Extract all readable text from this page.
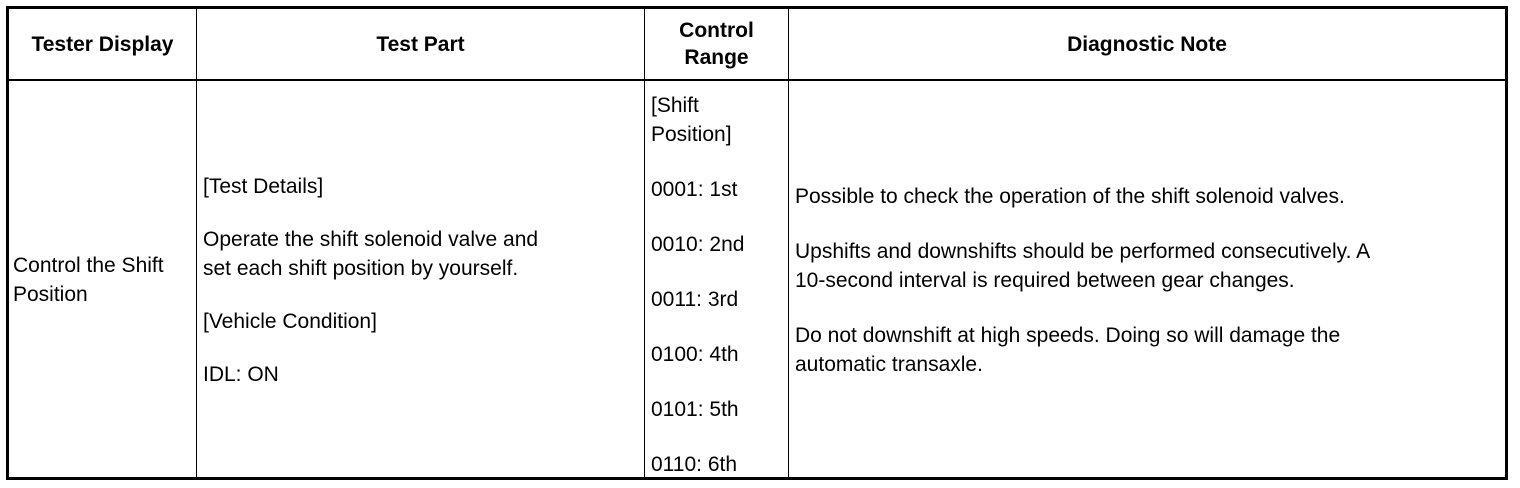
Tester Display	Test Part
Control
Range
Diagnostic Note
Control the Shift
Position
[Test Details]
Operate the shift solenoid valve and
set each shift position by yourself.
[Vehicle Condition]
IDL: ON
[Shift
Position]
0001: 1st
0010: 2nd
0011: 3rd
0100: 4th
0101: 5th
0110: 6th
Possible to check the operation of the shift solenoid valves.
Upshifts and downshifts should be performed consecutively. A
10-second interval is required between gear changes.
Do not downshift at high speeds. Doing so will damage the
automatic transaxle.
